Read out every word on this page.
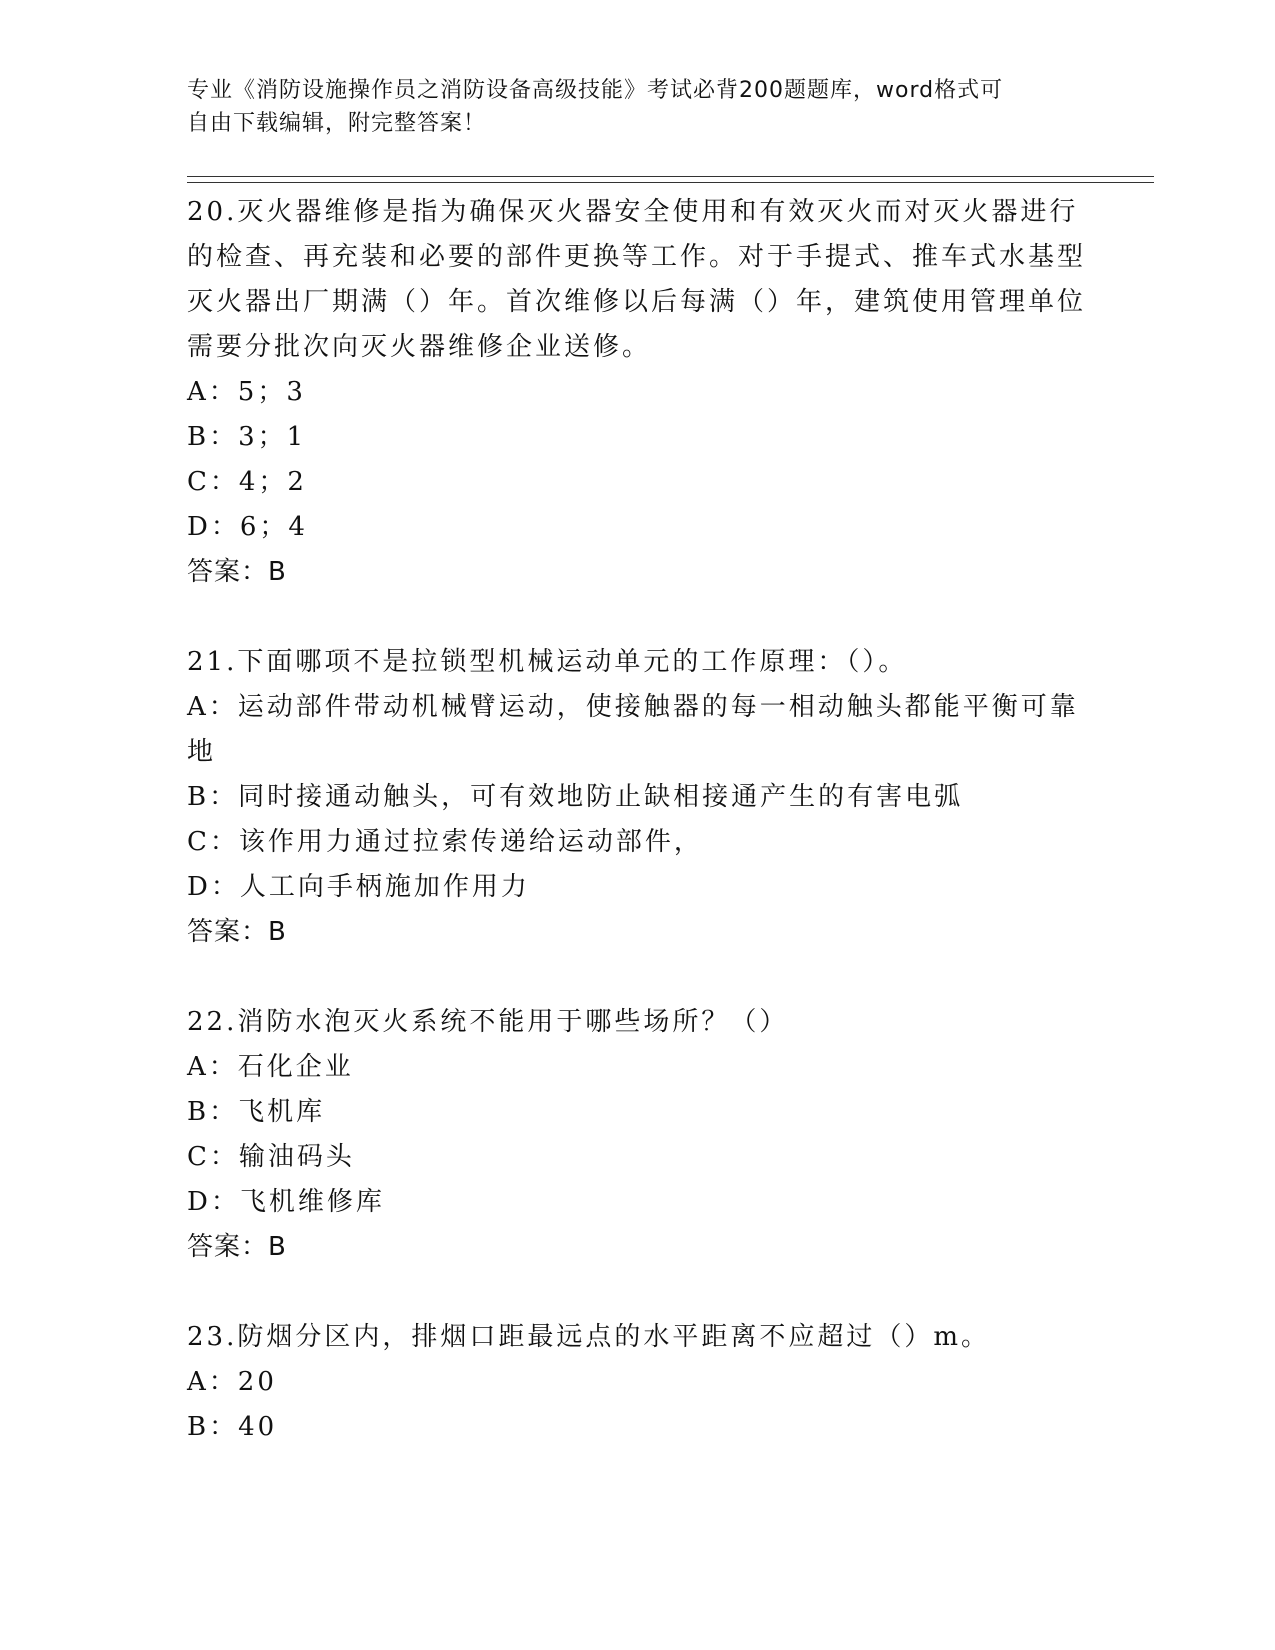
专业《消防设施操作员之消防设备高级技能》考试必背200题题库，word格式可
自由下载编辑，附完整答案！

20.灭火器维修是指为确保灭火器安全使用和有效灭火而对灭火器进行的检查、再充装和必要的部件更换等工作。对于手提式、推车式水基型灭火器出厂期满（）年。首次维修以后每满（）年，建筑使用管理单位需要分批次向灭火器维修企业送修。

A：5；3

B：3；1

C：4；2

D：6；4

答案：B

21.下面哪项不是拉锁型机械运动单元的工作原理：（）。

A：运动部件带动机械臂运动，使接触器的每一相动触头都能平衡可靠地

B：同时接通动触头，可有效地防止缺相接通产生的有害电弧

C：该作用力通过拉索传递给运动部件，

D：人工向手柄施加作用力

答案：B

22.消防水泡灭火系统不能用于哪些场所？（）

A：石化企业

B：飞机库

C：输油码头

D：飞机维修库

答案：B

23.防烟分区内，排烟口距最远点的水平距离不应超过（）m。

A：20

B：40
